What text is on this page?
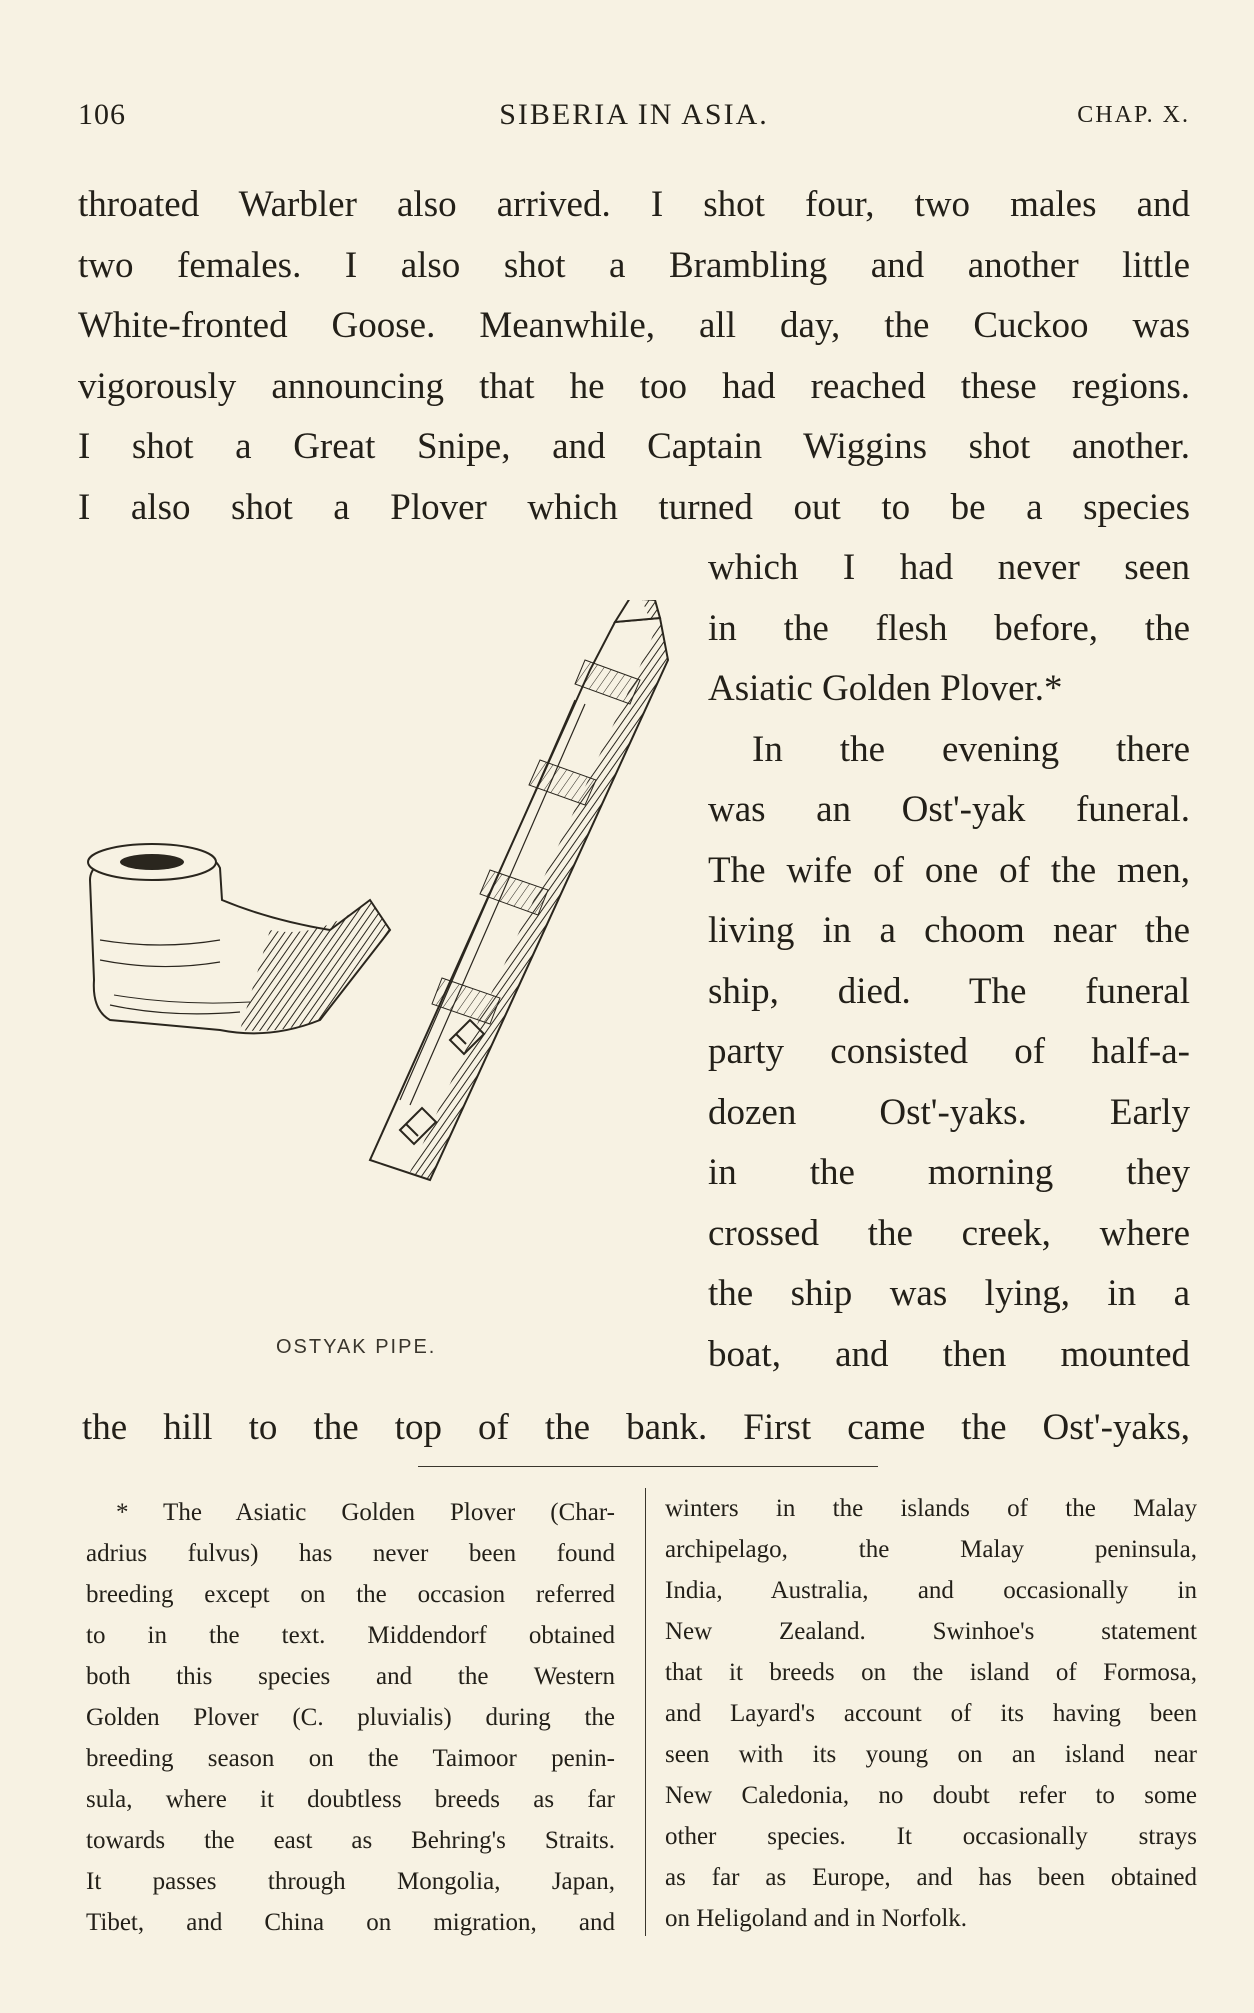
106	SIBERIA IN ASIA.	CHAP. X.
throated Warbler also arrived. I shot four, two males and
two females. I also shot a Brambling and another little
White-fronted Goose. Meanwhile, all day, the Cuckoo was
vigorously announcing that he too had reached these regions.
I shot a Great Snipe, and Captain Wiggins shot another.
I also shot a Plover which turned out to be a species
which I had never seen
in the flesh before, the
Asiatic Golden Plover.*
In the evening there
was an Ost'-yak funeral.
The wife of one of the men,
living in a choom near the
ship, died. The funeral
party consisted of half-a-
dozen Ost'-yaks. Early
in the morning they
crossed the creek, where
the ship was lying, in a
boat, and then mounted
the hill to the top of the bank. First came the Ost'-yaks,
OSTYAK PIPE.
* The Asiatic Golden Plover (Char-
adrius fulvus) has never been found
breeding except on the occasion referred
to in the text. Middendorf obtained
both this species and the Western
Golden Plover (C. pluvialis) during the
breeding season on the Taimoor penin-
sula, where it doubtless breeds as far
towards the east as Behring's Straits.
It passes through Mongolia, Japan,
Tibet, and China on migration, and
winters in the islands of the Malay
archipelago, the Malay peninsula,
India, Australia, and occasionally in
New Zealand. Swinhoe's statement
that it breeds on the island of Formosa,
and Layard's account of its having been
seen with its young on an island near
New Caledonia, no doubt refer to some
other species. It occasionally strays
as far as Europe, and has been obtained
on Heligoland and in Norfolk.
